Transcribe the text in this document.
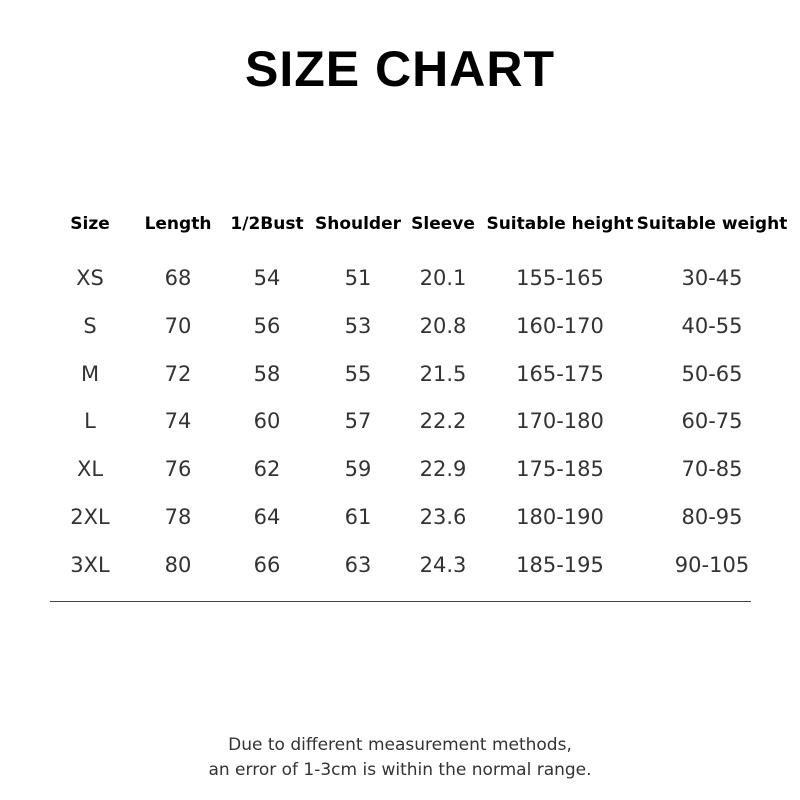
SIZE CHART
Size Length 1/2Bust Shoulder Sleeve Suitable height Suitable weight
XS	68	54	51 20.1 155-165	30-45
S	70	56	53 20.8 160-170	40-55
M	72	58	55 21.5 165-175	50-65
L	74	60	57 22.2 170-180	60-75
XL	76	62	59 22.9 175-185	70-85
2XL	78	64	61 23.6 180-190	80-95
3XL	80	66	63 24.3 185-195	90-105
Due to different measurement methods,
an error of 1-3cm is within the normal range.
